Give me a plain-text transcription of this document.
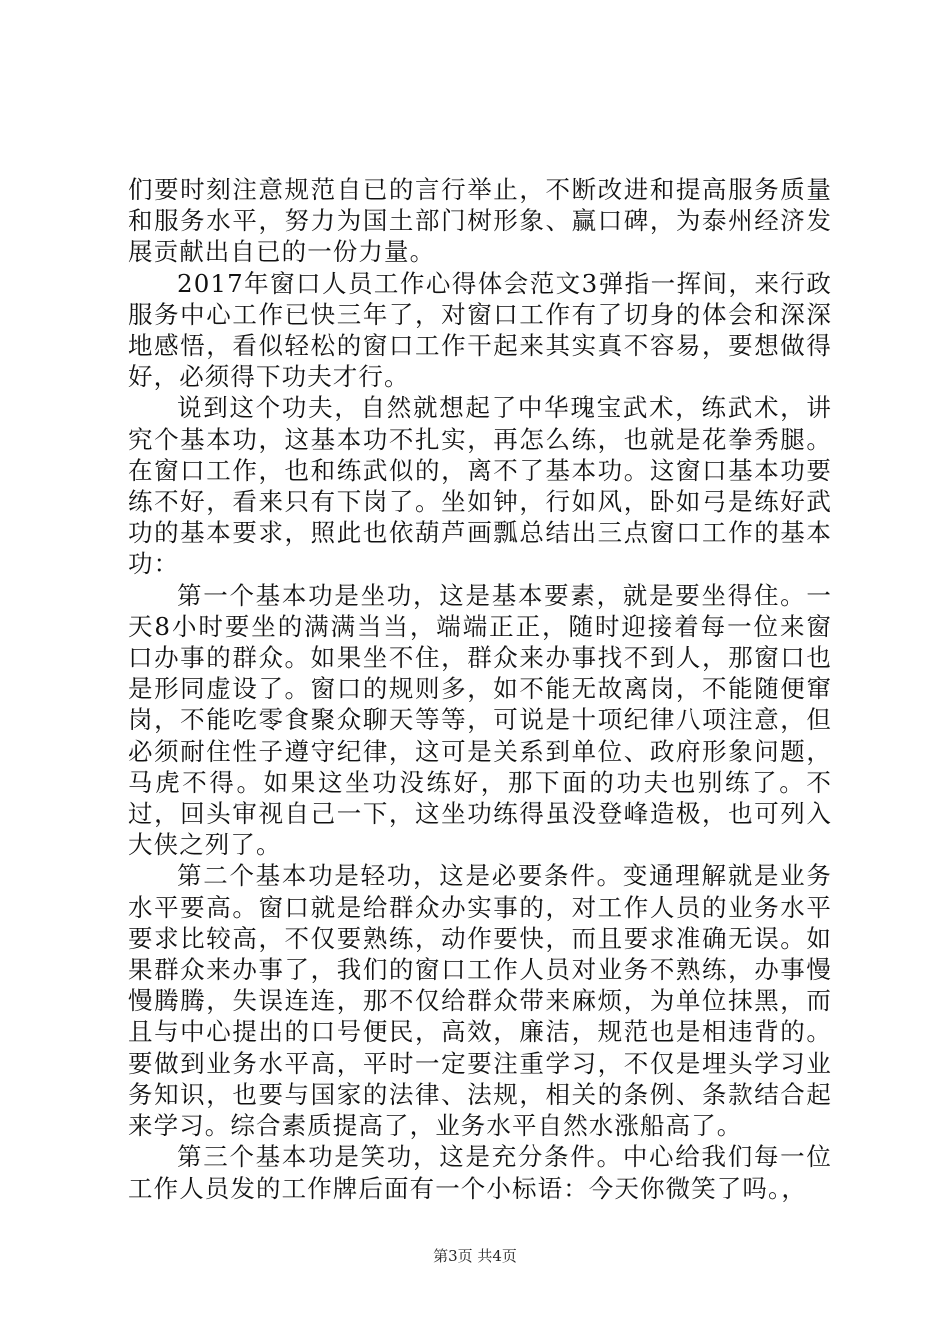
们要时刻注意规范自已的言行举止，不断改进和提高服务质量和服务水平，努力为国土部门树形象、赢口碑，为泰州经济发展贡献出自已的一份力量。

2017年窗口人员工作心得体会范文3弹指一挥间，来行政服务中心工作已快三年了，对窗口工作有了切身的体会和深深地感悟，看似轻松的窗口工作干起来其实真不容易，要想做得好，必须得下功夫才行。

说到这个功夫，自然就想起了中华瑰宝武术，练武术，讲究个基本功，这基本功不扎实，再怎么练，也就是花拳秀腿。在窗口工作，也和练武似的，离不了基本功。这窗口基本功要练不好，看来只有下岗了。坐如钟，行如风，卧如弓是练好武功的基本要求，照此也依葫芦画瓢总结出三点窗口工作的基本功：

第一个基本功是坐功，这是基本要素，就是要坐得住。一天8小时要坐的满满当当，端端正正，随时迎接着每一位来窗口办事的群众。如果坐不住，群众来办事找不到人，那窗口也是形同虚设了。窗口的规则多，如不能无故离岗，不能随便窜岗，不能吃零食聚众聊天等等，可说是十项纪律八项注意，但必须耐住性子遵守纪律，这可是关系到单位、政府形象问题，马虎不得。如果这坐功没练好，那下面的功夫也别练了。不过，回头审视自己一下，这坐功练得虽没登峰造极，也可列入大侠之列了。

第二个基本功是轻功，这是必要条件。变通理解就是业务水平要高。窗口就是给群众办实事的，对工作人员的业务水平要求比较高，不仅要熟练，动作要快，而且要求准确无误。如果群众来办事了，我们的窗口工作人员对业务不熟练，办事慢慢腾腾，失误连连，那不仅给群众带来麻烦，为单位抹黑，而且与中心提出的口号便民，高效，廉洁，规范也是相违背的。要做到业务水平高，平时一定要注重学习，不仅是埋头学习业务知识，也要与国家的法律、法规，相关的条例、条款结合起来学习。综合素质提高了，业务水平自然水涨船高了。

第三个基本功是笑功，这是充分条件。中心给我们每一位工作人员发的工作牌后面有一个小标语：今天你微笑了吗。，

第3页 共4页
